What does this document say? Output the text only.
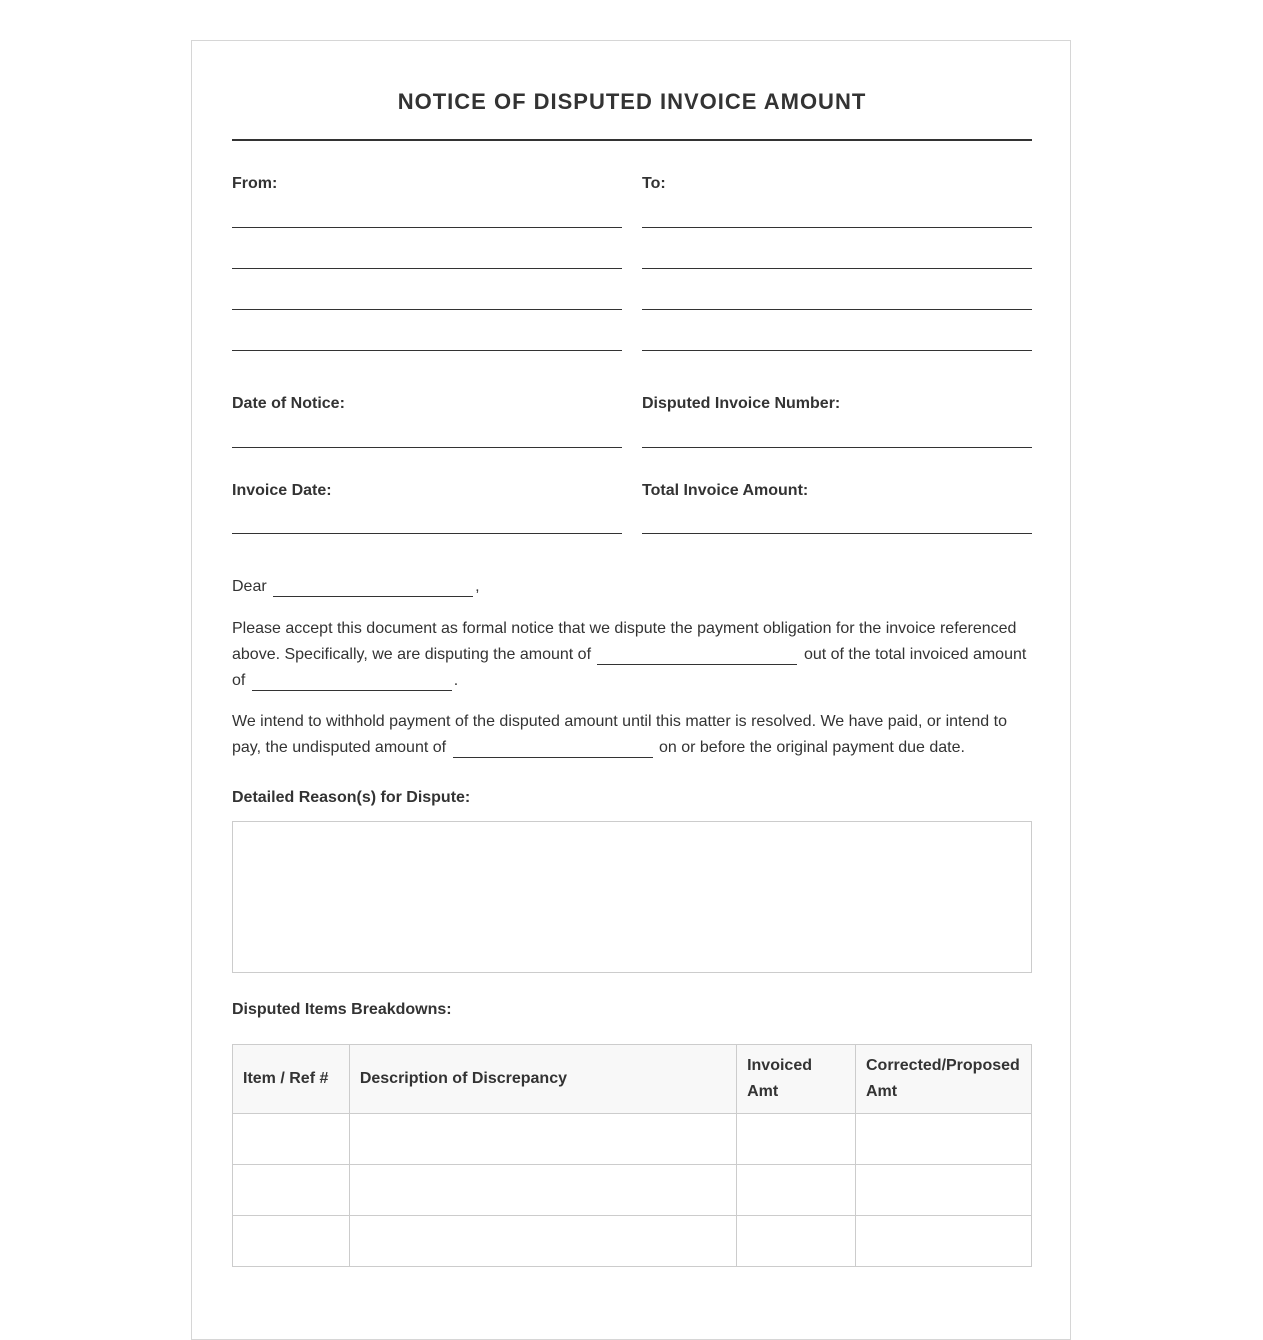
NOTICE OF DISPUTED INVOICE AMOUNT
From:	To:
Date of Notice:	Disputed Invoice Number:
Invoice Date:	Total Invoice Amount:

Dear	,

Please accept this document as formal notice that we dispute the payment obligation for the invoice referenced above. Specifically, we are disputing the amount of	out of the total invoiced amount of	.

We intend to withhold payment of the disputed amount until this matter is resolved. We have paid, or intend to pay, the undisputed amount of	on or before the original payment due date.

Detailed Reason(s) for Dispute:
Disputed Items Breakdowns:
Item / Ref #	Description of Discrepancy	Invoiced Amt	Corrected/Proposed Amt
